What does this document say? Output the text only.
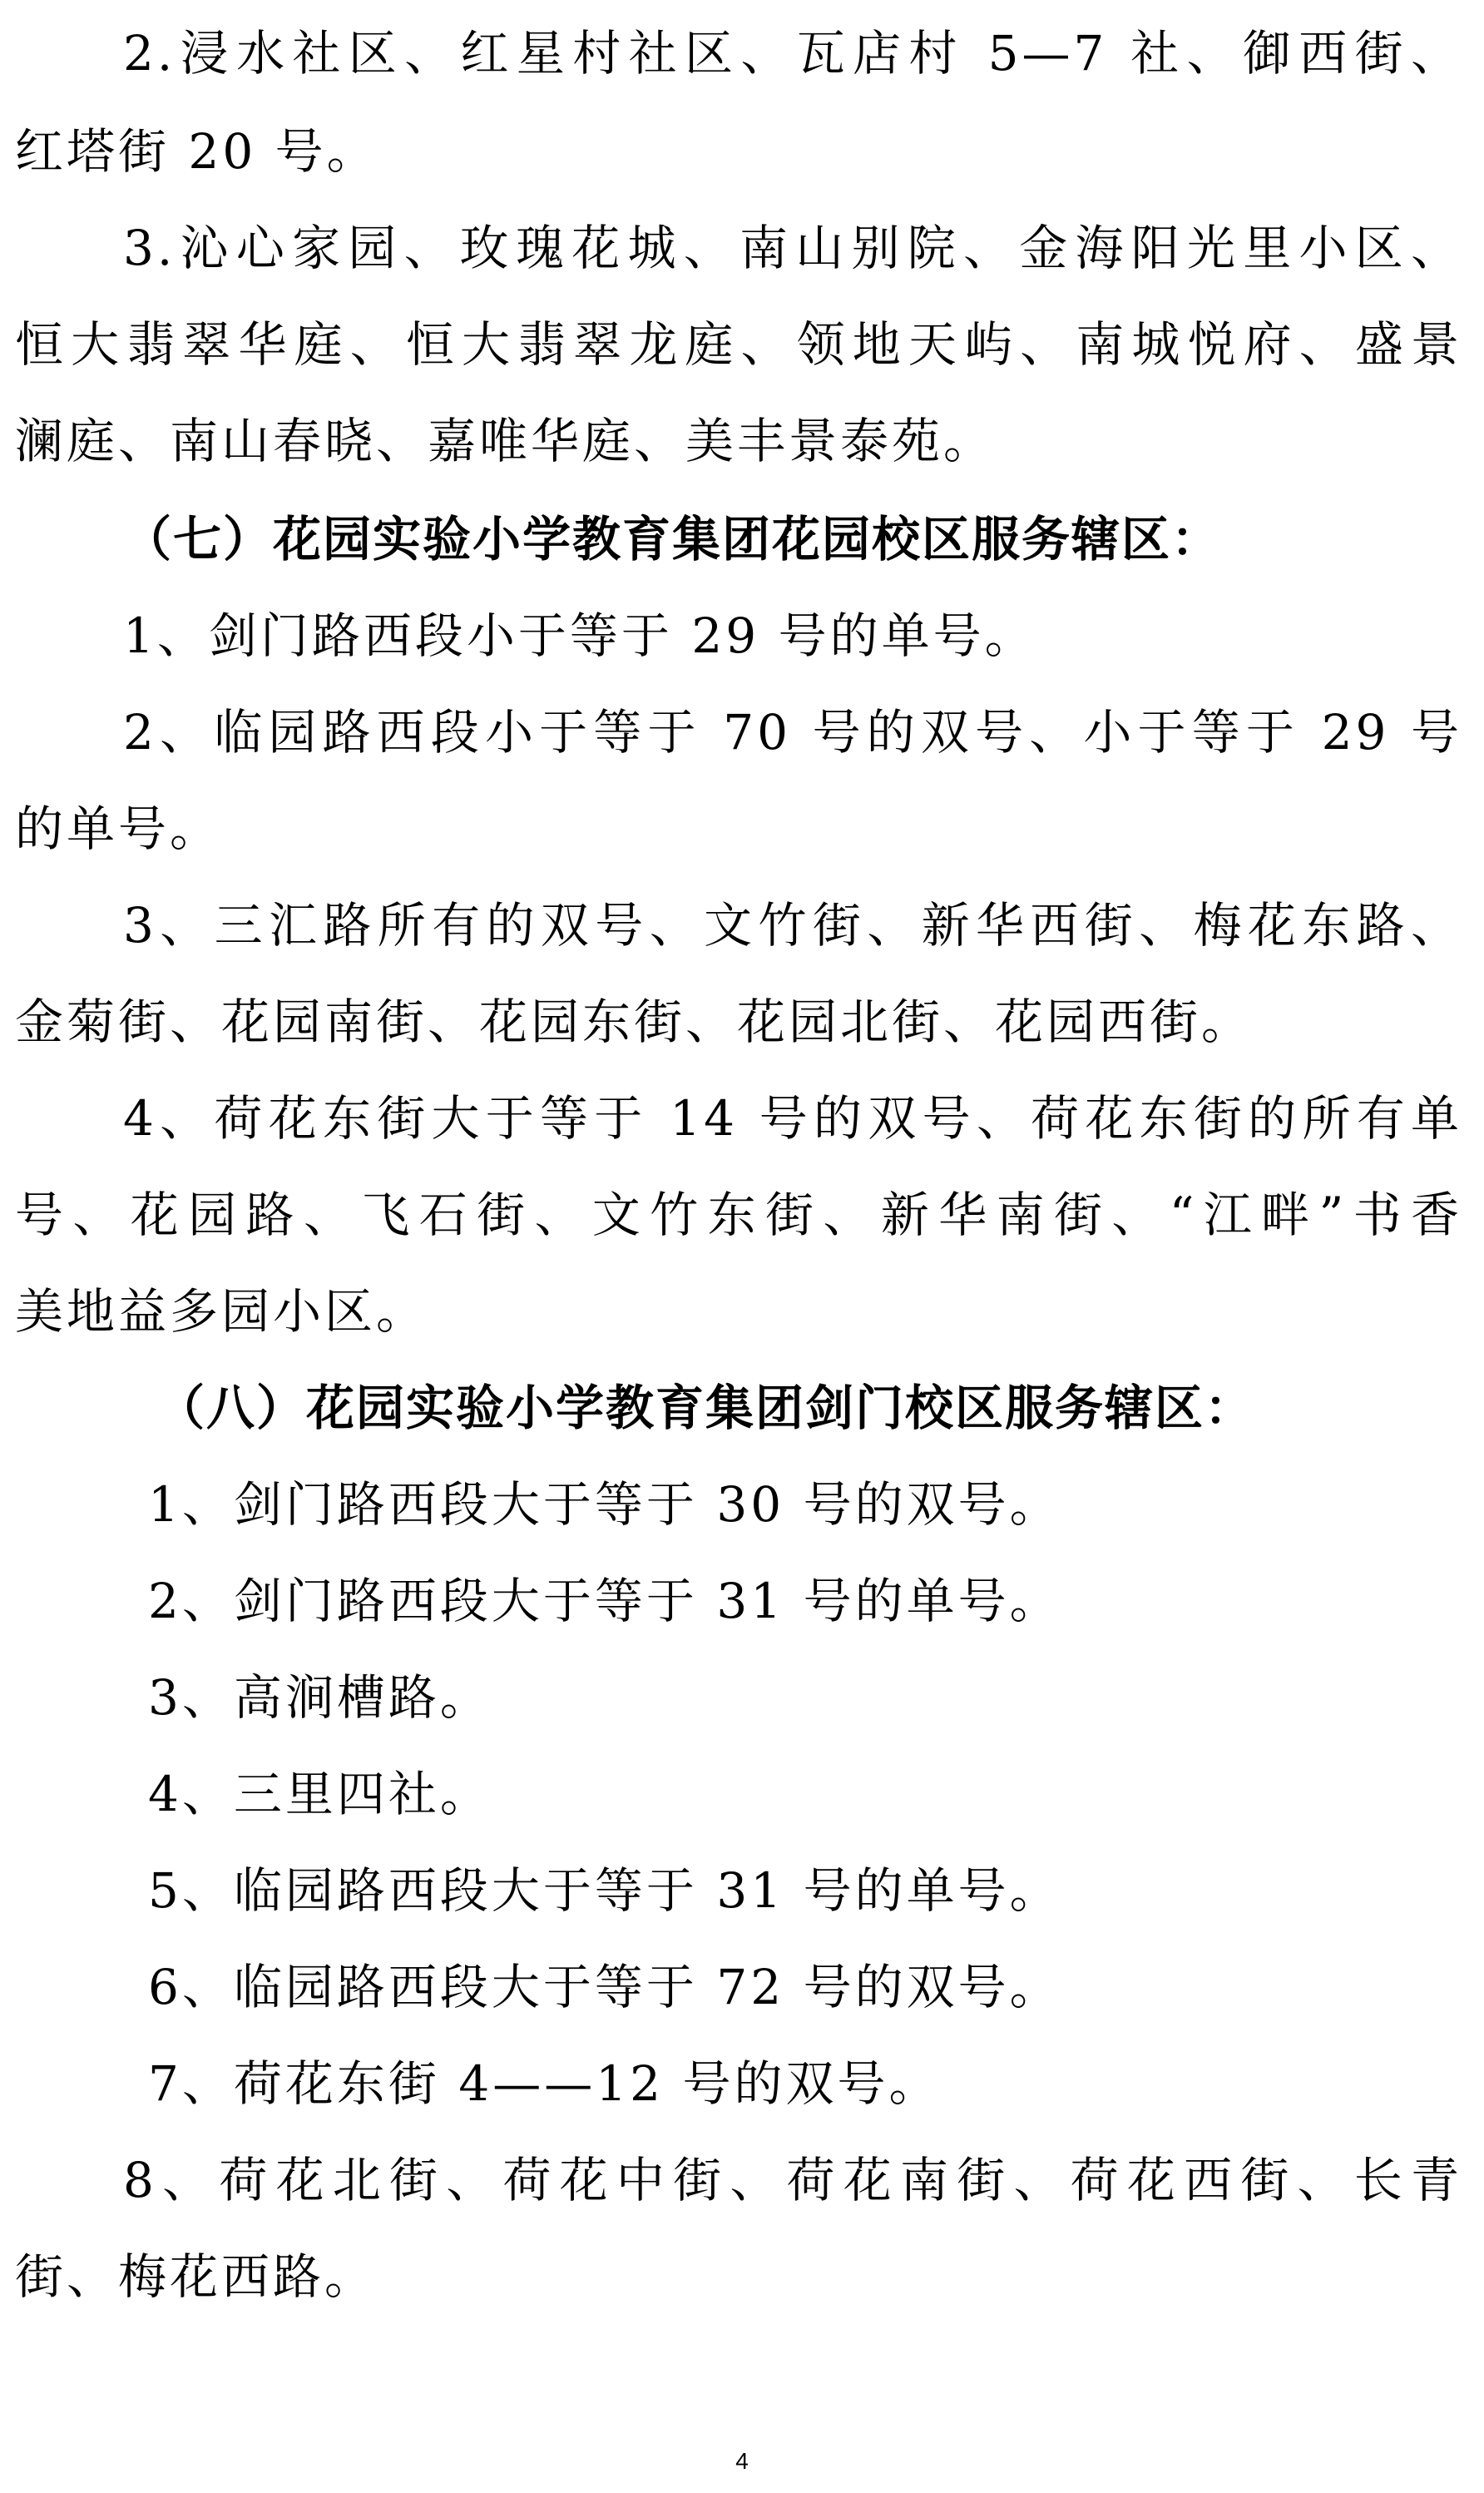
2.浸水社区、红星村社区、瓦店村 5—7 社、御西街、

红塔街 20 号。

3.沁心家园、玫瑰花城、南山别院、金海阳光里小区、

恒大翡翠华庭、恒大翡翠龙庭、领地天屿、南城悦府、盛景

澜庭、南山春晓、嘉唯华庭、美丰景泰苑。

（七）花园实验小学教育集团花园校区服务辖区：

1、剑门路西段小于等于 29 号的单号。

2、临园路西段小于等于 70 号的双号、小于等于 29 号

的单号。

3、三汇路所有的双号、文竹街、新华西街、梅花东路、

金菊街、花园南街、花园东街、花园北街、花园西街。

4、荷花东街大于等于 14 号的双号、荷花东街的所有单

号、花园路、飞石街、文竹东街、新华南街、“江畔”书香

美地益多园小区。

（八）花园实验小学教育集团剑门校区服务辖区：

1、剑门路西段大于等于 30 号的双号。

2、剑门路西段大于等于 31 号的单号。

3、高涧槽路。

4、三里四社。

5、临园路西段大于等于 31 号的单号。

6、临园路西段大于等于 72 号的双号。

7、荷花东街 4——12 号的双号。

8、荷花北街、荷花中街、荷花南街、荷花西街、长青

街、梅花西路。

4
